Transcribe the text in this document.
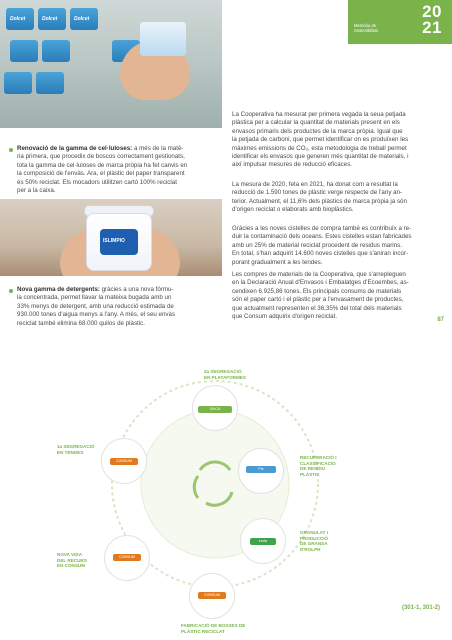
Memòria de
Sostenibilitat
20
21
Dolcet	Dolcet	Dolcet
ISLIMPIO
Renovació de la gamma de cel·luloses: a més de la matè-
ria primera, que procedix de boscos correctament gestionats,
tota la gamma de cel·luloses de marca pròpia ha fet canvis en
la composició de l'envàs. Ara, el plàstic del paper transparent
és 50% reciclat. Els mocadors utilitzen cartó 100% reciclat
per a la caixa.
Nova gamma de detergents: gràcies a una nova fórmu-
la concentrada, permet llavar la mateixa bugada amb un
33% menys de detergent, amb una reducció estimada de
930.000 tones d'aigua menys a l'any. A més, el seu envàs
reciclat també elimina 68.000 quilos de plàstic.
La Cooperativa ha mesurat per primera vegada la seua petjada
plàstica per a calcular la quantitat de materials present en els
envasos primaris dels productes de la marca pròpia. Igual que
la petjada de carboni, que permet identificar on es produïxen les
màximes emissions de CO₂, esta metodologia de treball permet
identificar els envasos que generen més quantitat de materials, i
així impulsar mesures de reducció eficaces.
La mesura de 2020, feta en 2021, ha donat com a resultat la
reducció de 1.590 tones de plàstic verge respecte de l'any an-
terior. Actualment, el 11,6% dels plàstics de marca pròpia ja són
d'origen reciclat o elaborats amb bioplàstics.
Gràcies a les noves cistelles de compra també es contribuïx a re-
duir la contaminació dels oceans. Estes cistelles estan fabricades
amb un 25% de material reciclat procedent de residus marins.
En total, s'han adquirit 14.600 noves cistelles que s'aniran incor-
porant gradualment a les tendes.
Les compres de materials de la Cooperativa, que s'arrepleguen
en la Declaració Anual d'Envasos i Embalatges d'Ecoembes, as-
cendixen 6.925,86 tones. Els principals consums de materials
són el paper cartó i el plàstic per a l'envasament de productes,
que actualment representen el 36,35% del total dels materials
que Consum adquirix d'origen reciclat.	87
SAICA
CONSUM
CONSUM
CONSUM
Pie
envia
2a SEGREGACIÓ
EN PLATAFORMES
1a SEGREGACIÓ
EN TENDES
RECUPERACIÓ I
CLASSIFICACIÓ
DE RESIDU
PLÀSTIC
GRANULAT I
PRODUCCIÓ
DE GRANSA
D'ROLPH
NOVA VIDA
DEL RECURS
EN CONSUM
FABRICACIÓ DE BOSSES DE
PLÀSTIC RECICLAT
(301-1, 301-2)
